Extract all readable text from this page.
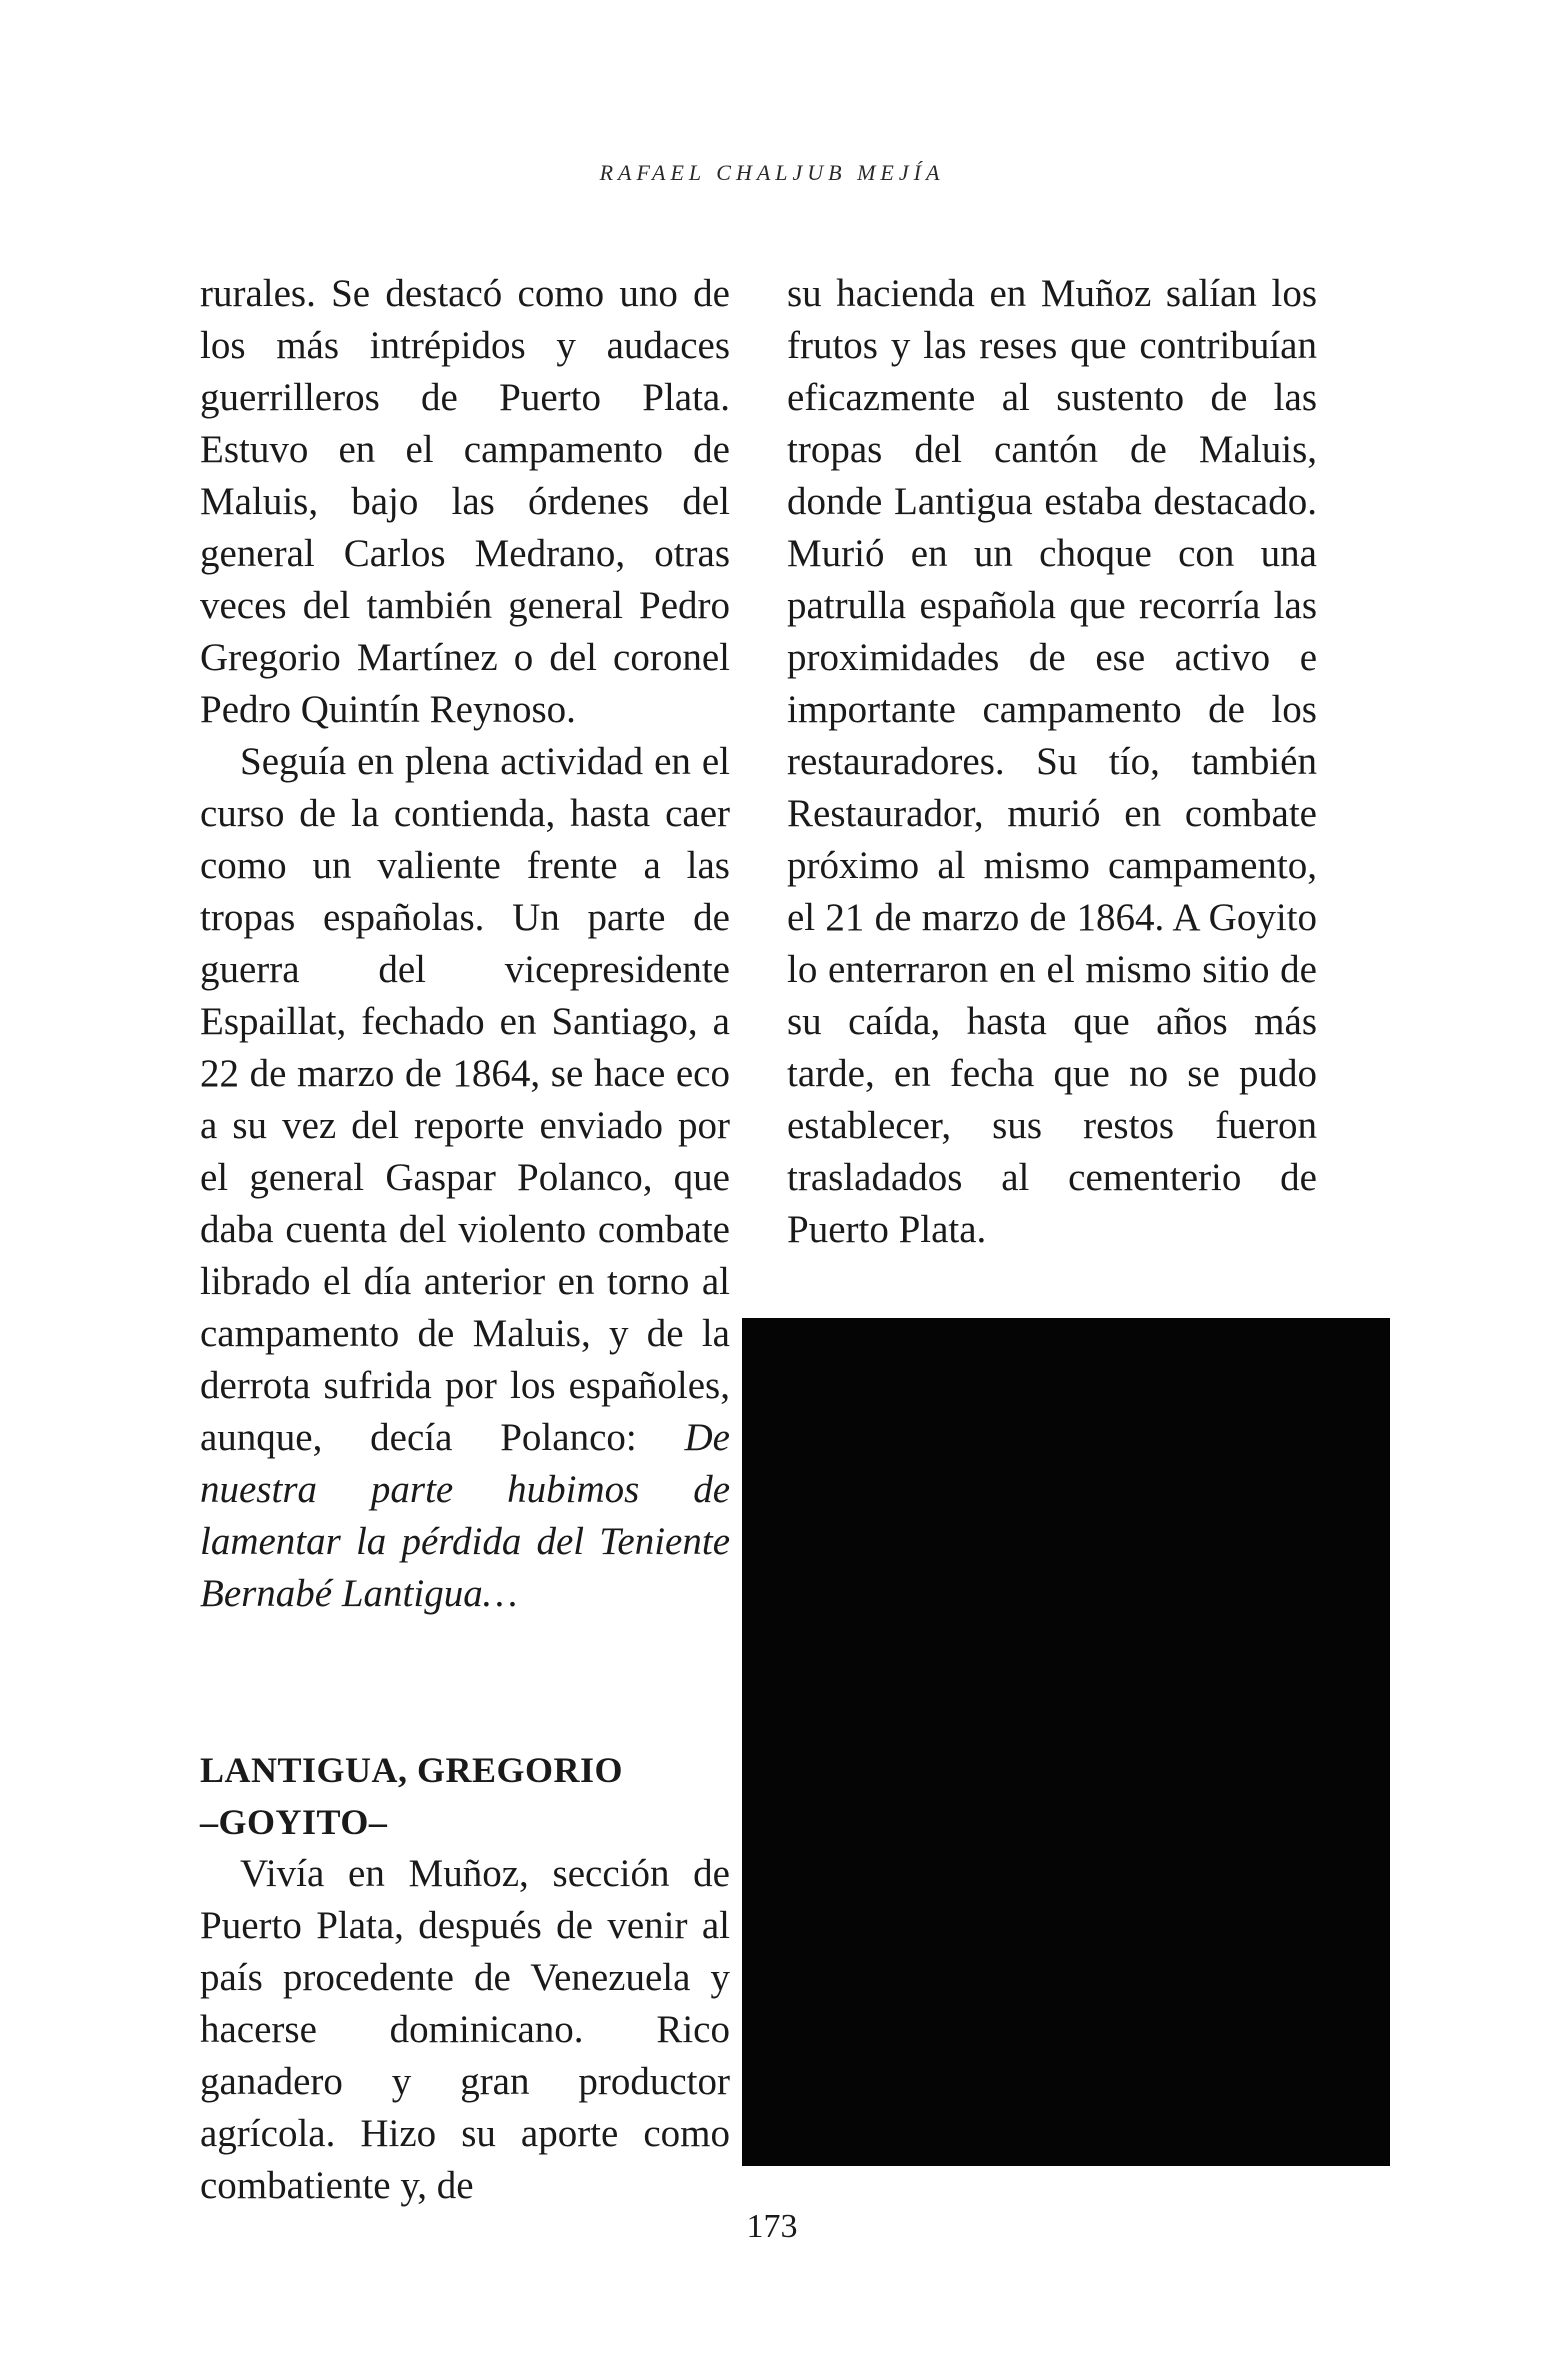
RAFAEL CHALJUB MEJÍA

rurales. Se destacó como uno de los más intrépidos y audaces guerrilleros de Puerto Plata. Estuvo en el campamento de Maluis, bajo las órdenes del general Carlos Medrano, otras veces del también general Pedro Gregorio Martínez o del coronel Pedro Quintín Reynoso.

Seguía en plena actividad en el curso de la contienda, hasta caer como un valiente frente a las tropas españolas. Un parte de guerra del vicepresidente Espaillat, fechado en Santiago, a 22 de marzo de 1864, se hace eco a su vez del reporte enviado por el general Gaspar Polanco, que daba cuenta del violento combate librado el día anterior en torno al campamento de Maluis, y de la derrota sufrida por los españoles, aunque, decía Polanco: De nuestra parte hubimos de lamentar la pérdida del Teniente Bernabé Lantigua…

LANTIGUA, GREGORIO
–GOYITO–

Vivía en Muñoz, sección de Puerto Plata, después de venir al país procedente de Venezuela y hacerse dominicano. Rico ganadero y gran productor agrícola. Hizo su aporte como combatiente y, de

su hacienda en Muñoz salían los frutos y las reses que contribuían eficazmente al sustento de las tropas del cantón de Maluis, donde Lantigua estaba destacado. Murió en un choque con una patrulla española que recorría las proximidades de ese activo e importante campamento de los restauradores. Su tío, también Restaurador, murió en combate próximo al mismo campamento, el 21 de marzo de 1864. A Goyito lo enterraron en el mismo sitio de su caída, hasta que años más tarde, en fecha que no se pudo establecer, sus restos fueron trasladados al cementerio de Puerto Plata.

173
